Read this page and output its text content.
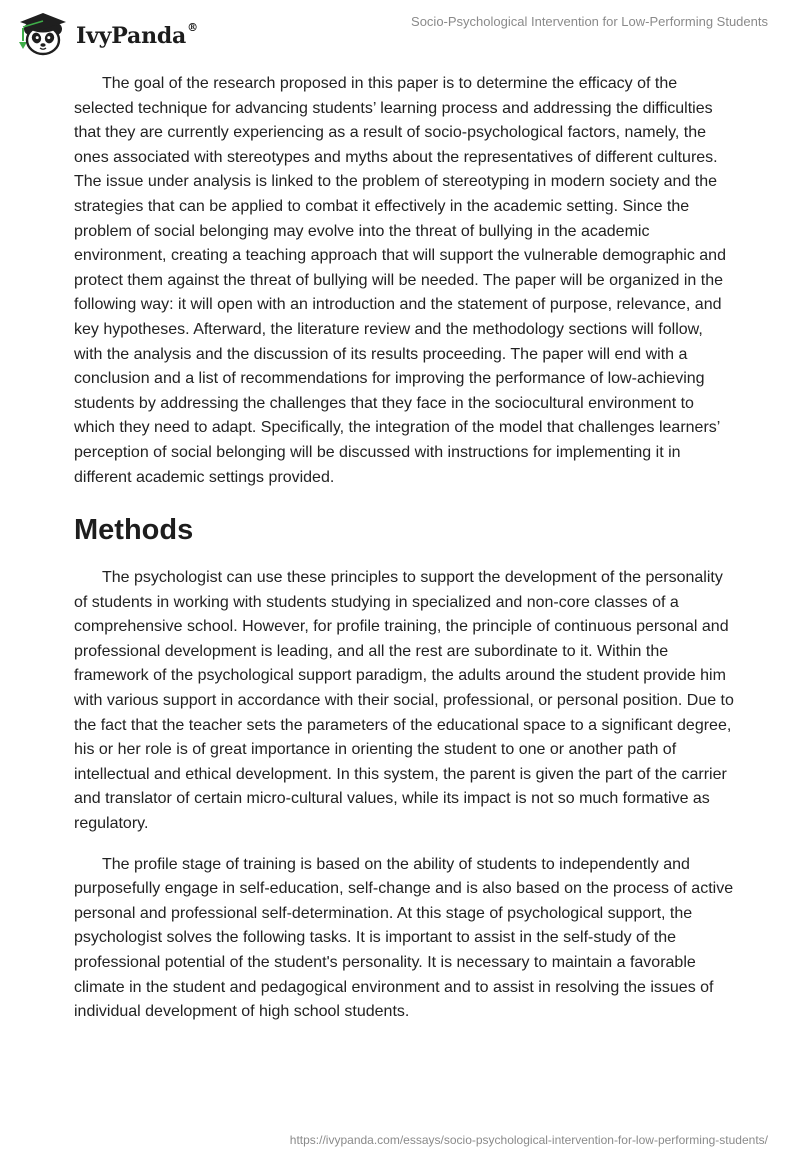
IvyPanda®	Socio-Psychological Intervention for Low-Performing Students

The goal of the research proposed in this paper is to determine the efficacy of the selected technique for advancing students’ learning process and addressing the difficulties that they are currently experiencing as a result of socio-psychological factors, namely, the ones associated with stereotypes and myths about the representatives of different cultures. The issue under analysis is linked to the problem of stereotyping in modern society and the strategies that can be applied to combat it effectively in the academic setting. Since the problem of social belonging may evolve into the threat of bullying in the academic environment, creating a teaching approach that will support the vulnerable demographic and protect them against the threat of bullying will be needed. The paper will be organized in the following way: it will open with an introduction and the statement of purpose, relevance, and key hypotheses. Afterward, the literature review and the methodology sections will follow, with the analysis and the discussion of its results proceeding. The paper will end with a conclusion and a list of recommendations for improving the performance of low-achieving students by addressing the challenges that they face in the sociocultural environment to which they need to adapt. Specifically, the integration of the model that challenges learners’ perception of social belonging will be discussed with instructions for implementing it in different academic settings provided.

Methods

The psychologist can use these principles to support the development of the personality of students in working with students studying in specialized and non-core classes of a comprehensive school. However, for profile training, the principle of continuous personal and professional development is leading, and all the rest are subordinate to it. Within the framework of the psychological support paradigm, the adults around the student provide him with various support in accordance with their social, professional, or personal position. Due to the fact that the teacher sets the parameters of the educational space to a significant degree, his or her role is of great importance in orienting the student to one or another path of intellectual and ethical development. In this system, the parent is given the part of the carrier and translator of certain micro-cultural values, while its impact is not so much formative as regulatory.

The profile stage of training is based on the ability of students to independently and purposefully engage in self-education, self-change and is also based on the process of active personal and professional self-determination. At this stage of psychological support, the psychologist solves the following tasks. It is important to assist in the self-study of the professional potential of the student's personality. It is necessary to maintain a favorable climate in the student and pedagogical environment and to assist in resolving the issues of individual development of high school students.

https://ivypanda.com/essays/socio-psychological-intervention-for-low-performing-students/
